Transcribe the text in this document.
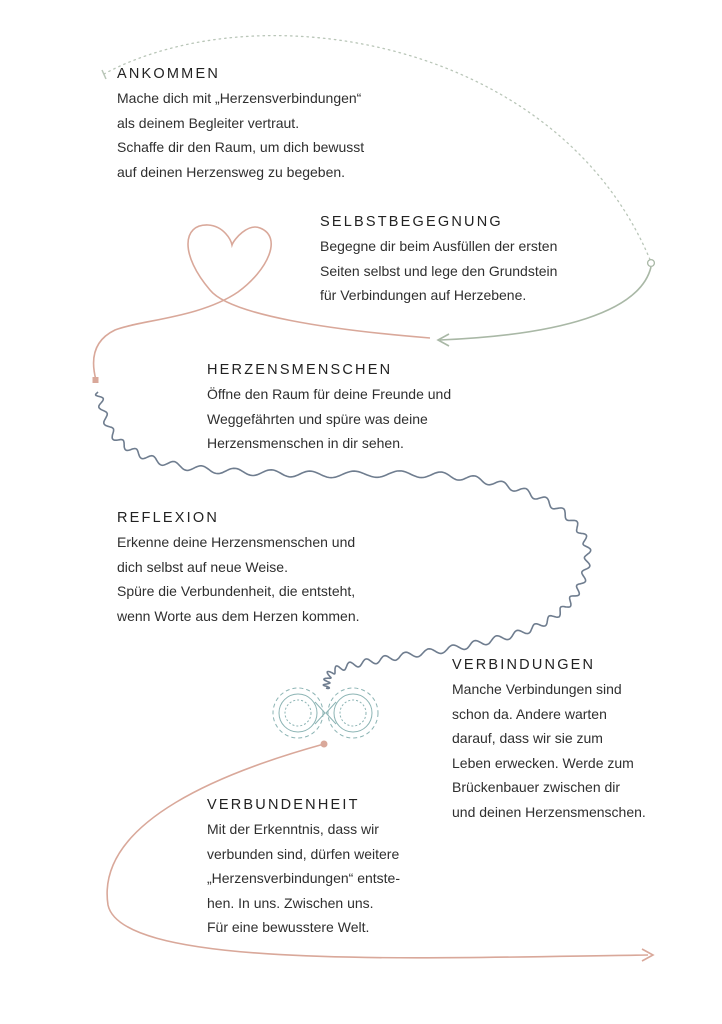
ANKOMMEN
Mache dich mit „Herzensverbindungen“
als deinem Begleiter vertraut.
Schaffe dir den Raum, um dich bewusst
auf deinen Herzensweg zu begeben.
SELBSTBEGEGNUNG
Begegne dir beim Ausfüllen der ersten
Seiten selbst und lege den Grundstein
für Verbindungen auf Herzebene.
HERZENSMENSCHEN
Öffne den Raum für deine Freunde und
Weggefährten und spüre was deine
Herzensmenschen in dir sehen.
REFLEXION
Erkenne deine Herzensmenschen und
dich selbst auf neue Weise.
Spüre die Verbundenheit, die entsteht,
wenn Worte aus dem Herzen kommen.
VERBINDUNGEN
Manche Verbindungen sind
schon da. Andere warten
darauf, dass wir sie zum
Leben erwecken. Werde zum
Brückenbauer zwischen dir
und deinen Herzensmenschen.
VERBUNDENHEIT
Mit der Erkenntnis, dass wir
verbunden sind, dürfen weitere
„Herzensverbindungen“ entste-
hen. In uns. Zwischen uns.
Für eine bewusstere Welt.
